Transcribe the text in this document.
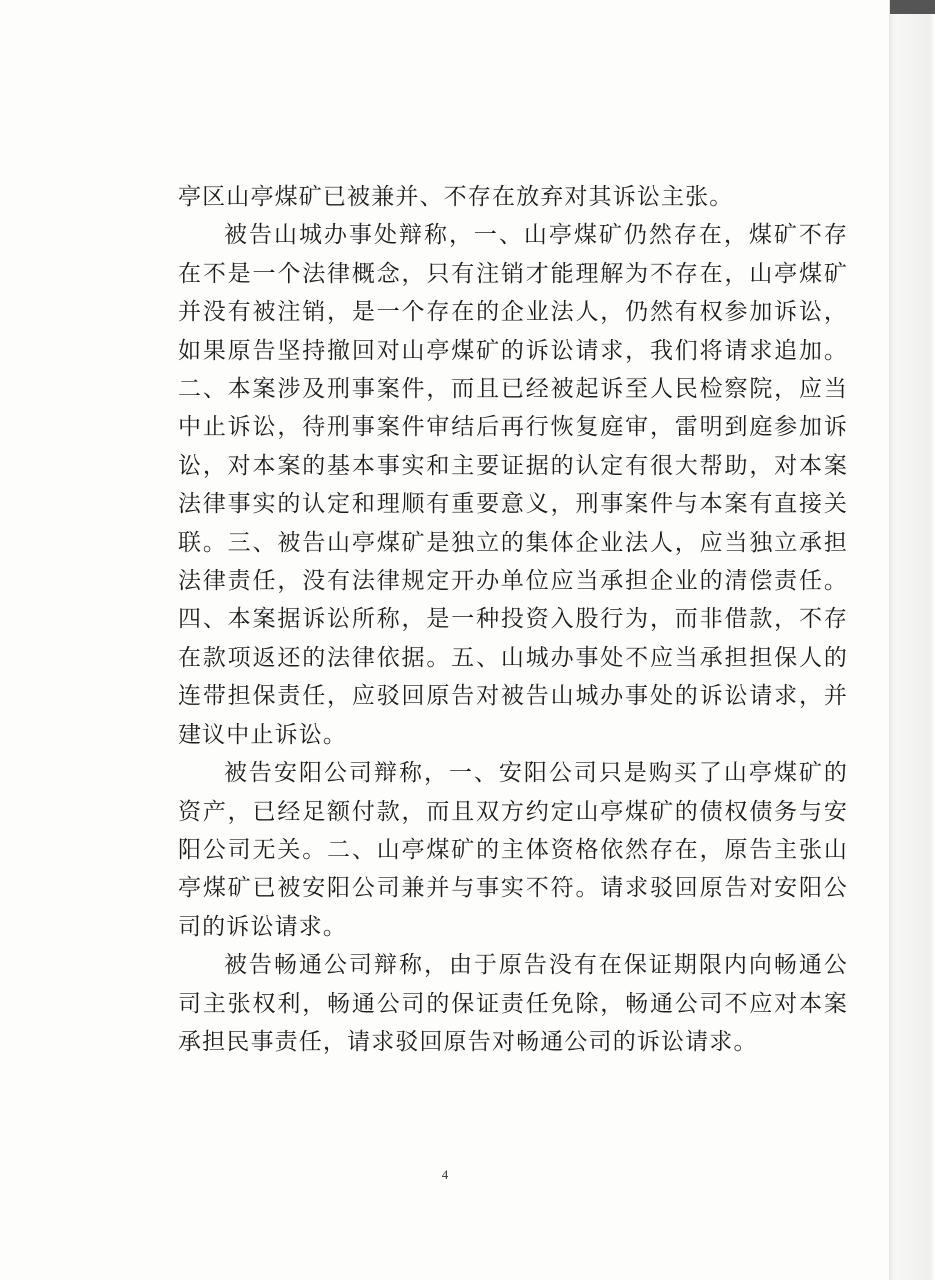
亭区山亭煤矿已被兼并、不存在放弃对其诉讼主张。

被告山城办事处辩称，一、山亭煤矿仍然存在，煤矿不存在不是一个法律概念，只有注销才能理解为不存在，山亭煤矿并没有被注销，是一个存在的企业法人，仍然有权参加诉讼，如果原告坚持撤回对山亭煤矿的诉讼请求，我们将请求追加。二、本案涉及刑事案件，而且已经被起诉至人民检察院，应当中止诉讼，待刑事案件审结后再行恢复庭审，雷明到庭参加诉讼，对本案的基本事实和主要证据的认定有很大帮助，对本案法律事实的认定和理顺有重要意义，刑事案件与本案有直接关联。三、被告山亭煤矿是独立的集体企业法人，应当独立承担法律责任，没有法律规定开办单位应当承担企业的清偿责任。四、本案据诉讼所称，是一种投资入股行为，而非借款，不存在款项返还的法律依据。五、山城办事处不应当承担担保人的连带担保责任，应驳回原告对被告山城办事处的诉讼请求，并建议中止诉讼。

被告安阳公司辩称，一、安阳公司只是购买了山亭煤矿的资产，已经足额付款，而且双方约定山亭煤矿的债权债务与安阳公司无关。二、山亭煤矿的主体资格依然存在，原告主张山亭煤矿已被安阳公司兼并与事实不符。请求驳回原告对安阳公司的诉讼请求。

被告畅通公司辩称，由于原告没有在保证期限内向畅通公司主张权利，畅通公司的保证责任免除，畅通公司不应对本案承担民事责任，请求驳回原告对畅通公司的诉讼请求。

4
